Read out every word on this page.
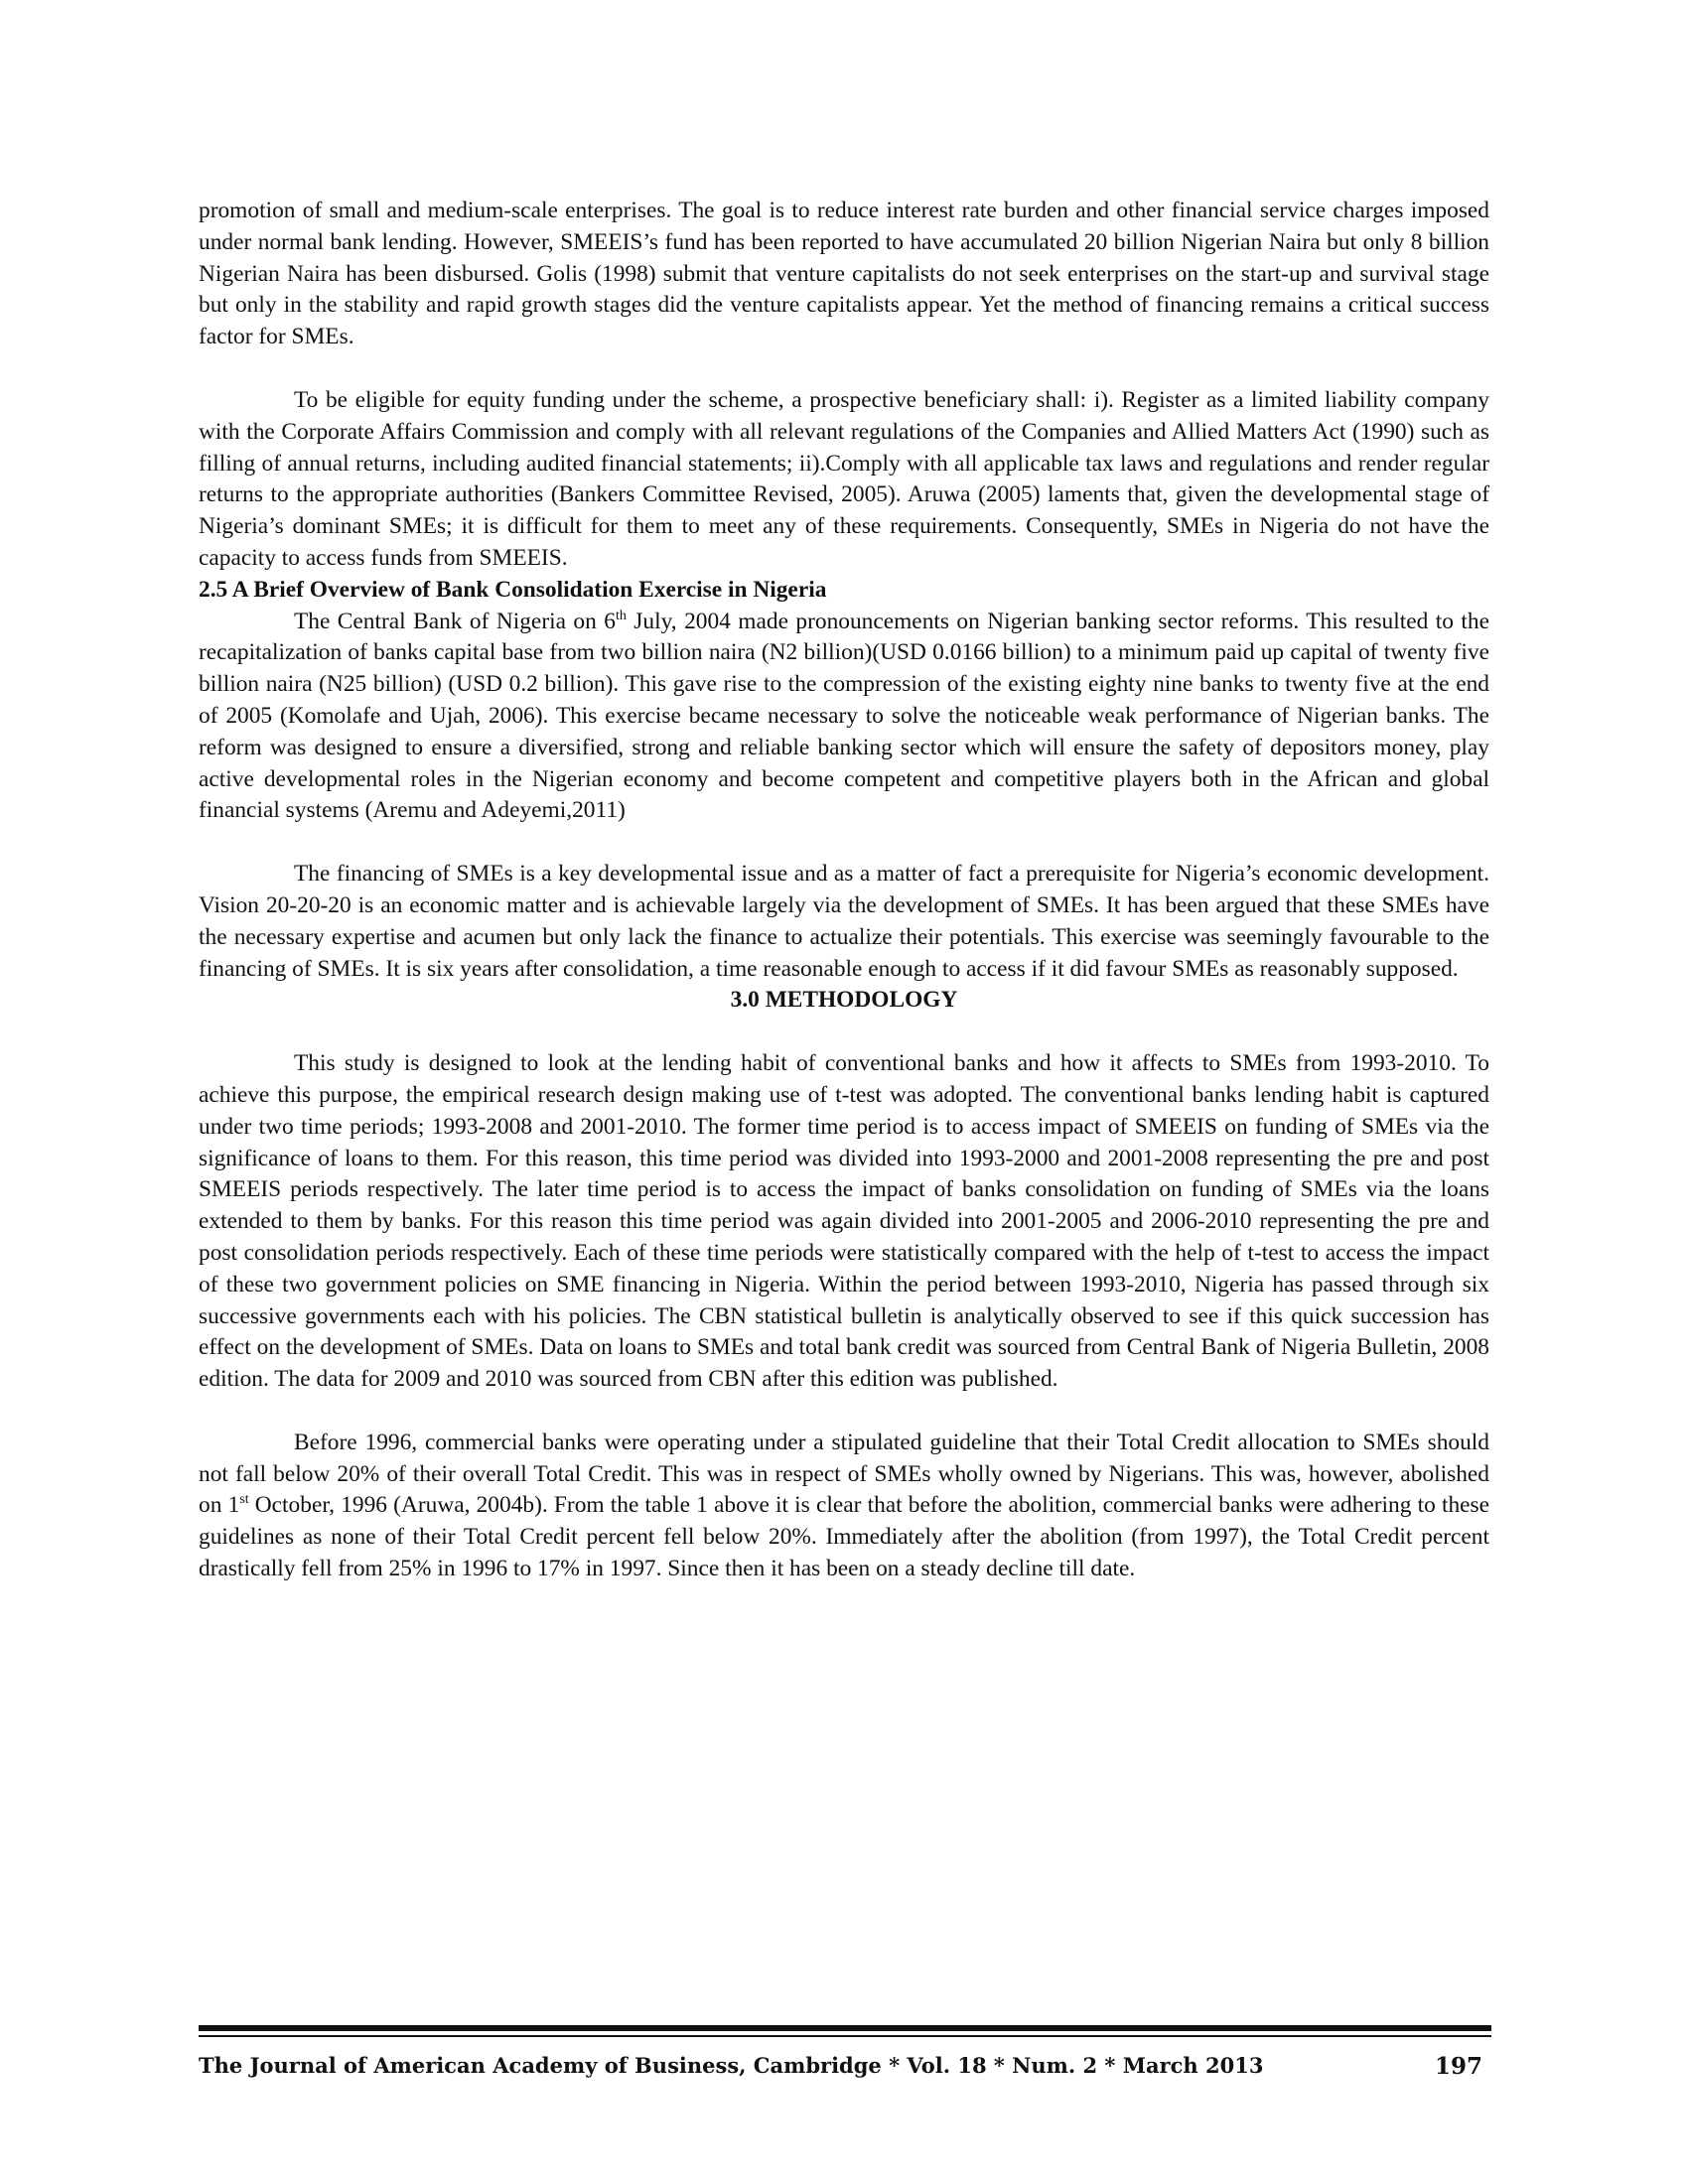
promotion of small and medium-scale enterprises. The goal is to reduce interest rate burden and other financial service charges imposed under normal bank lending. However, SMEEIS’s fund has been reported to have accumulated 20 billion Nigerian Naira but only 8 billion Nigerian Naira has been disbursed. Golis (1998) submit that venture capitalists do not seek enterprises on the start-up and survival stage but only in the stability and rapid growth stages did the venture capitalists appear. Yet the method of financing remains a critical success factor for SMEs.

To be eligible for equity funding under the scheme, a prospective beneficiary shall: i). Register as a limited liability company with the Corporate Affairs Commission and comply with all relevant regulations of the Companies and Allied Matters Act (1990) such as filling of annual returns, including audited financial statements; ii).Comply with all applicable tax laws and regulations and render regular returns to the appropriate authorities (Bankers Committee Revised, 2005). Aruwa (2005) laments that, given the developmental stage of Nigeria’s dominant SMEs; it is difficult for them to meet any of these requirements. Consequently, SMEs in Nigeria do not have the capacity to access funds from SMEEIS.

2.5 A Brief Overview of Bank Consolidation Exercise in Nigeria

The Central Bank of Nigeria on 6th July, 2004 made pronouncements on Nigerian banking sector reforms. This resulted to the recapitalization of banks capital base from two billion naira (N2 billion)(USD 0.0166 billion) to a minimum paid up capital of twenty five billion naira (N25 billion) (USD 0.2 billion). This gave rise to the compression of the existing eighty nine banks to twenty five at the end of 2005 (Komolafe and Ujah, 2006). This exercise became necessary to solve the noticeable weak performance of Nigerian banks. The reform was designed to ensure a diversified, strong and reliable banking sector which will ensure the safety of depositors money, play active developmental roles in the Nigerian economy and become competent and competitive players both in the African and global financial systems (Aremu and Adeyemi,2011)

The financing of SMEs is a key developmental issue and as a matter of fact a prerequisite for Nigeria’s economic development. Vision 20-20-20 is an economic matter and is achievable largely via the development of SMEs. It has been argued that these SMEs have the necessary expertise and acumen but only lack the finance to actualize their potentials. This exercise was seemingly favourable to the financing of SMEs. It is six years after consolidation, a time reasonable enough to access if it did favour SMEs as reasonably supposed.

3.0 METHODOLOGY

This study is designed to look at the lending habit of conventional banks and how it affects to SMEs from 1993-2010. To achieve this purpose, the empirical research design making use of t-test was adopted. The conventional banks lending habit is captured under two time periods; 1993-2008 and 2001-2010. The former time period is to access impact of SMEEIS on funding of SMEs via the significance of loans to them. For this reason, this time period was divided into 1993-2000 and 2001-2008 representing the pre and post SMEEIS periods respectively. The later time period is to access the impact of banks consolidation on funding of SMEs via the loans extended to them by banks. For this reason this time period was again divided into 2001-2005 and 2006-2010 representing the pre and post consolidation periods respectively. Each of these time periods were statistically compared with the help of t-test to access the impact of these two government policies on SME financing in Nigeria. Within the period between 1993-2010, Nigeria has passed through six successive governments each with his policies. The CBN statistical bulletin is analytically observed to see if this quick succession has effect on the development of SMEs. Data on loans to SMEs and total bank credit was sourced from Central Bank of Nigeria Bulletin, 2008 edition. The data for 2009 and 2010 was sourced from CBN after this edition was published.

Before 1996, commercial banks were operating under a stipulated guideline that their Total Credit allocation to SMEs should not fall below 20% of their overall Total Credit. This was in respect of SMEs wholly owned by Nigerians. This was, however, abolished on 1st October, 1996 (Aruwa, 2004b). From the table 1 above it is clear that before the abolition, commercial banks were adhering to these guidelines as none of their Total Credit percent fell below 20%. Immediately after the abolition (from 1997), the Total Credit percent drastically fell from 25% in 1996 to 17% in 1997. Since then it has been on a steady decline till date.

The Journal of American Academy of Business, Cambridge * Vol. 18 * Num. 2 * March 2013	197
